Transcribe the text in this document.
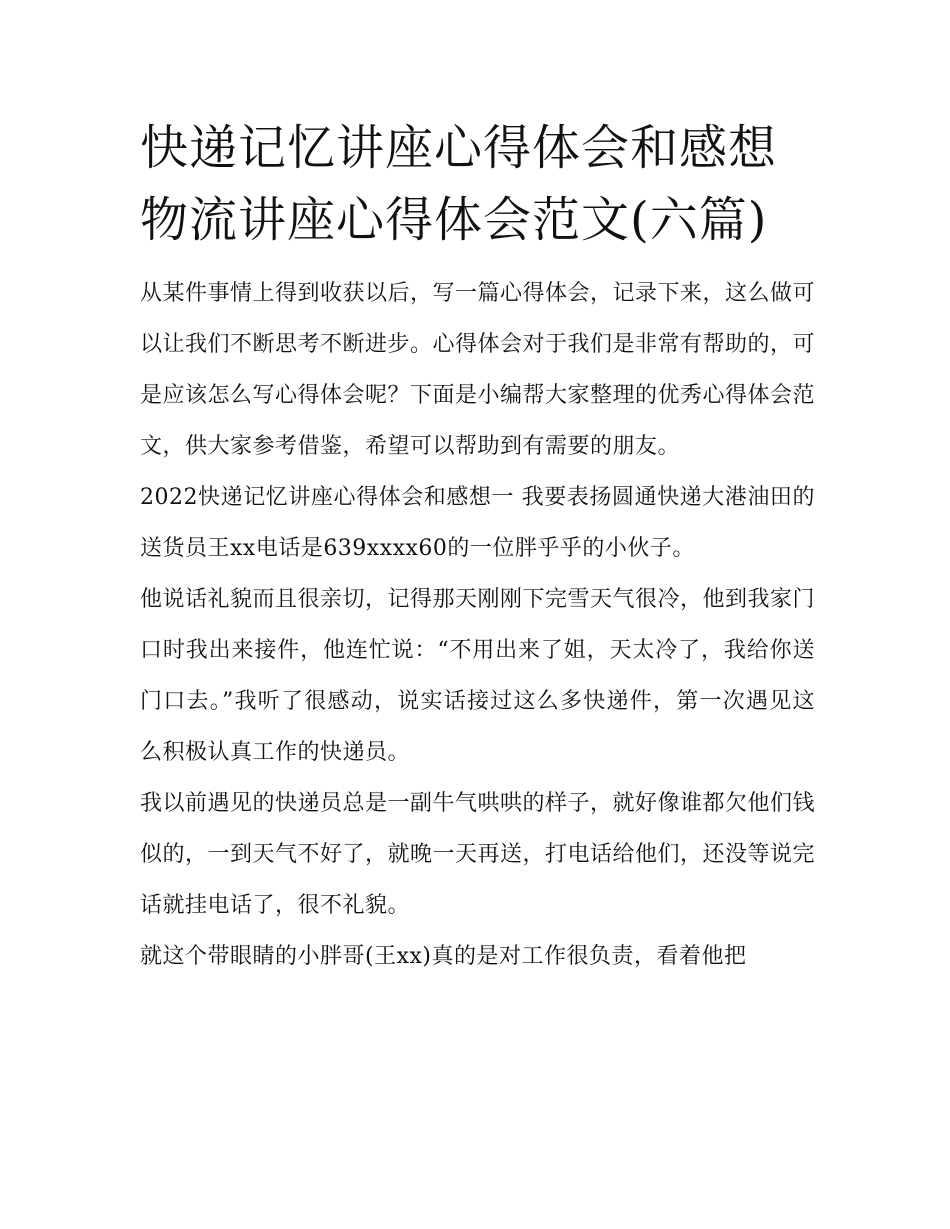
快递记忆讲座心得体会和感想
物流讲座心得体会范文(六篇)

从某件事情上得到收获以后，写一篇心得体会，记录下来，这么做可以让我们不断思考不断进步。心得体会对于我们是非常有帮助的，可是应该怎么写心得体会呢？下面是小编帮大家整理的优秀心得体会范文，供大家参考借鉴，希望可以帮助到有需要的朋友。

2022快递记忆讲座心得体会和感想一 我要表扬圆通快递大港油田的送货员王xx电话是639xxxx60的一位胖乎乎的小伙子。

他说话礼貌而且很亲切，记得那天刚刚下完雪天气很冷，他到我家门口时我出来接件，他连忙说：“不用出来了姐，天太冷了，我给你送门口去。”我听了很感动，说实话接过这么多快递件，第一次遇见这么积极认真工作的快递员。

我以前遇见的快递员总是一副牛气哄哄的样子，就好像谁都欠他们钱似的，一到天气不好了，就晚一天再送，打电话给他们，还没等说完话就挂电话了，很不礼貌。

就这个带眼睛的小胖哥(王xx)真的是对工作很负责，看着他把
